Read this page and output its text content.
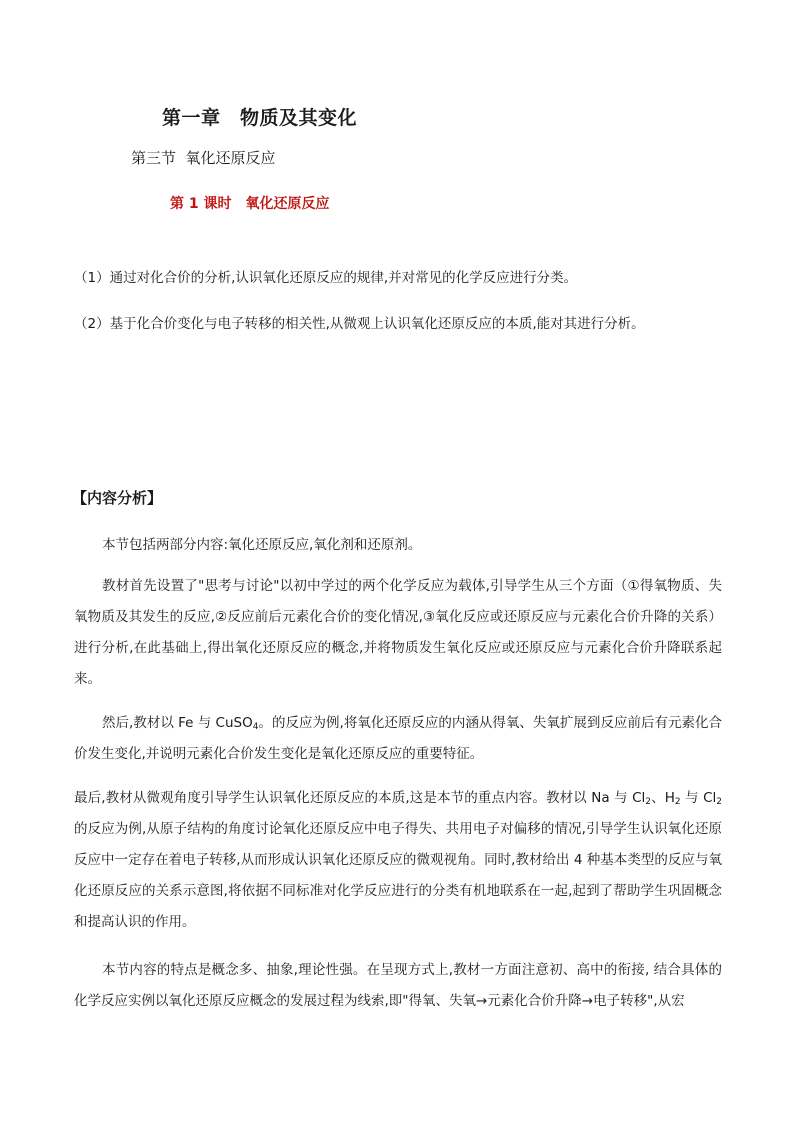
第一章　物质及其变化
第三节  氧化还原反应
第 1 课时　氧化还原反应
（1）通过对化合价的分析,认识氧化还原反应的规律,并对常见的化学反应进行分类。
（2）基于化合价变化与电子转移的相关性,从微观上认识氧化还原反应的本质,能对其进行分析。
【内容分析】
本节包括两部分内容:氧化还原反应,氧化剂和还原剂。
教材首先设置了"思考与讨论"以初中学过的两个化学反应为载体,引导学生从三个方面（①得氧物质、失氧物质及其发生的反应,②反应前后元素化合价的变化情况,③氧化反应或还原反应与元素化合价升降的关系）进行分析,在此基础上,得出氧化还原反应的概念,并将物质发生氧化反应或还原反应与元素化合价升降联系起来。
然后,教材以 Fe 与 CuSO$_4$。的反应为例,将氧化还原反应的内涵从得氧、失氧扩展到反应前后有元素化合价发生变化,并说明元素化合价发生变化是氧化还原反应的重要特征。
最后,教材从微观角度引导学生认识氧化还原反应的本质,这是本节的重点内容。教材以 Na 与 $Cl_2$、$H_2$ 与 $Cl_2$的反应为例,从原子结构的角度讨论氧化还原反应中电子得失、共用电子对偏移的情况,引导学生认识氧化还原反应中一定存在着电子转移,从而形成认识氧化还原反应的微观视角。同时,教材给出 4 种基本类型的反应与氧化还原反应的关系示意图,将依据不同标准对化学反应进行的分类有机地联系在一起,起到了帮助学生巩固概念和提高认识的作用。
本节内容的特点是概念多、抽象,理论性强。在呈现方式上,教材一方面注意初、高中的衔接, 结合具体的化学反应实例以氧化还原反应概念的发展过程为线索,即"得氧、失氧→元素化合价升降→电子转移",从宏
